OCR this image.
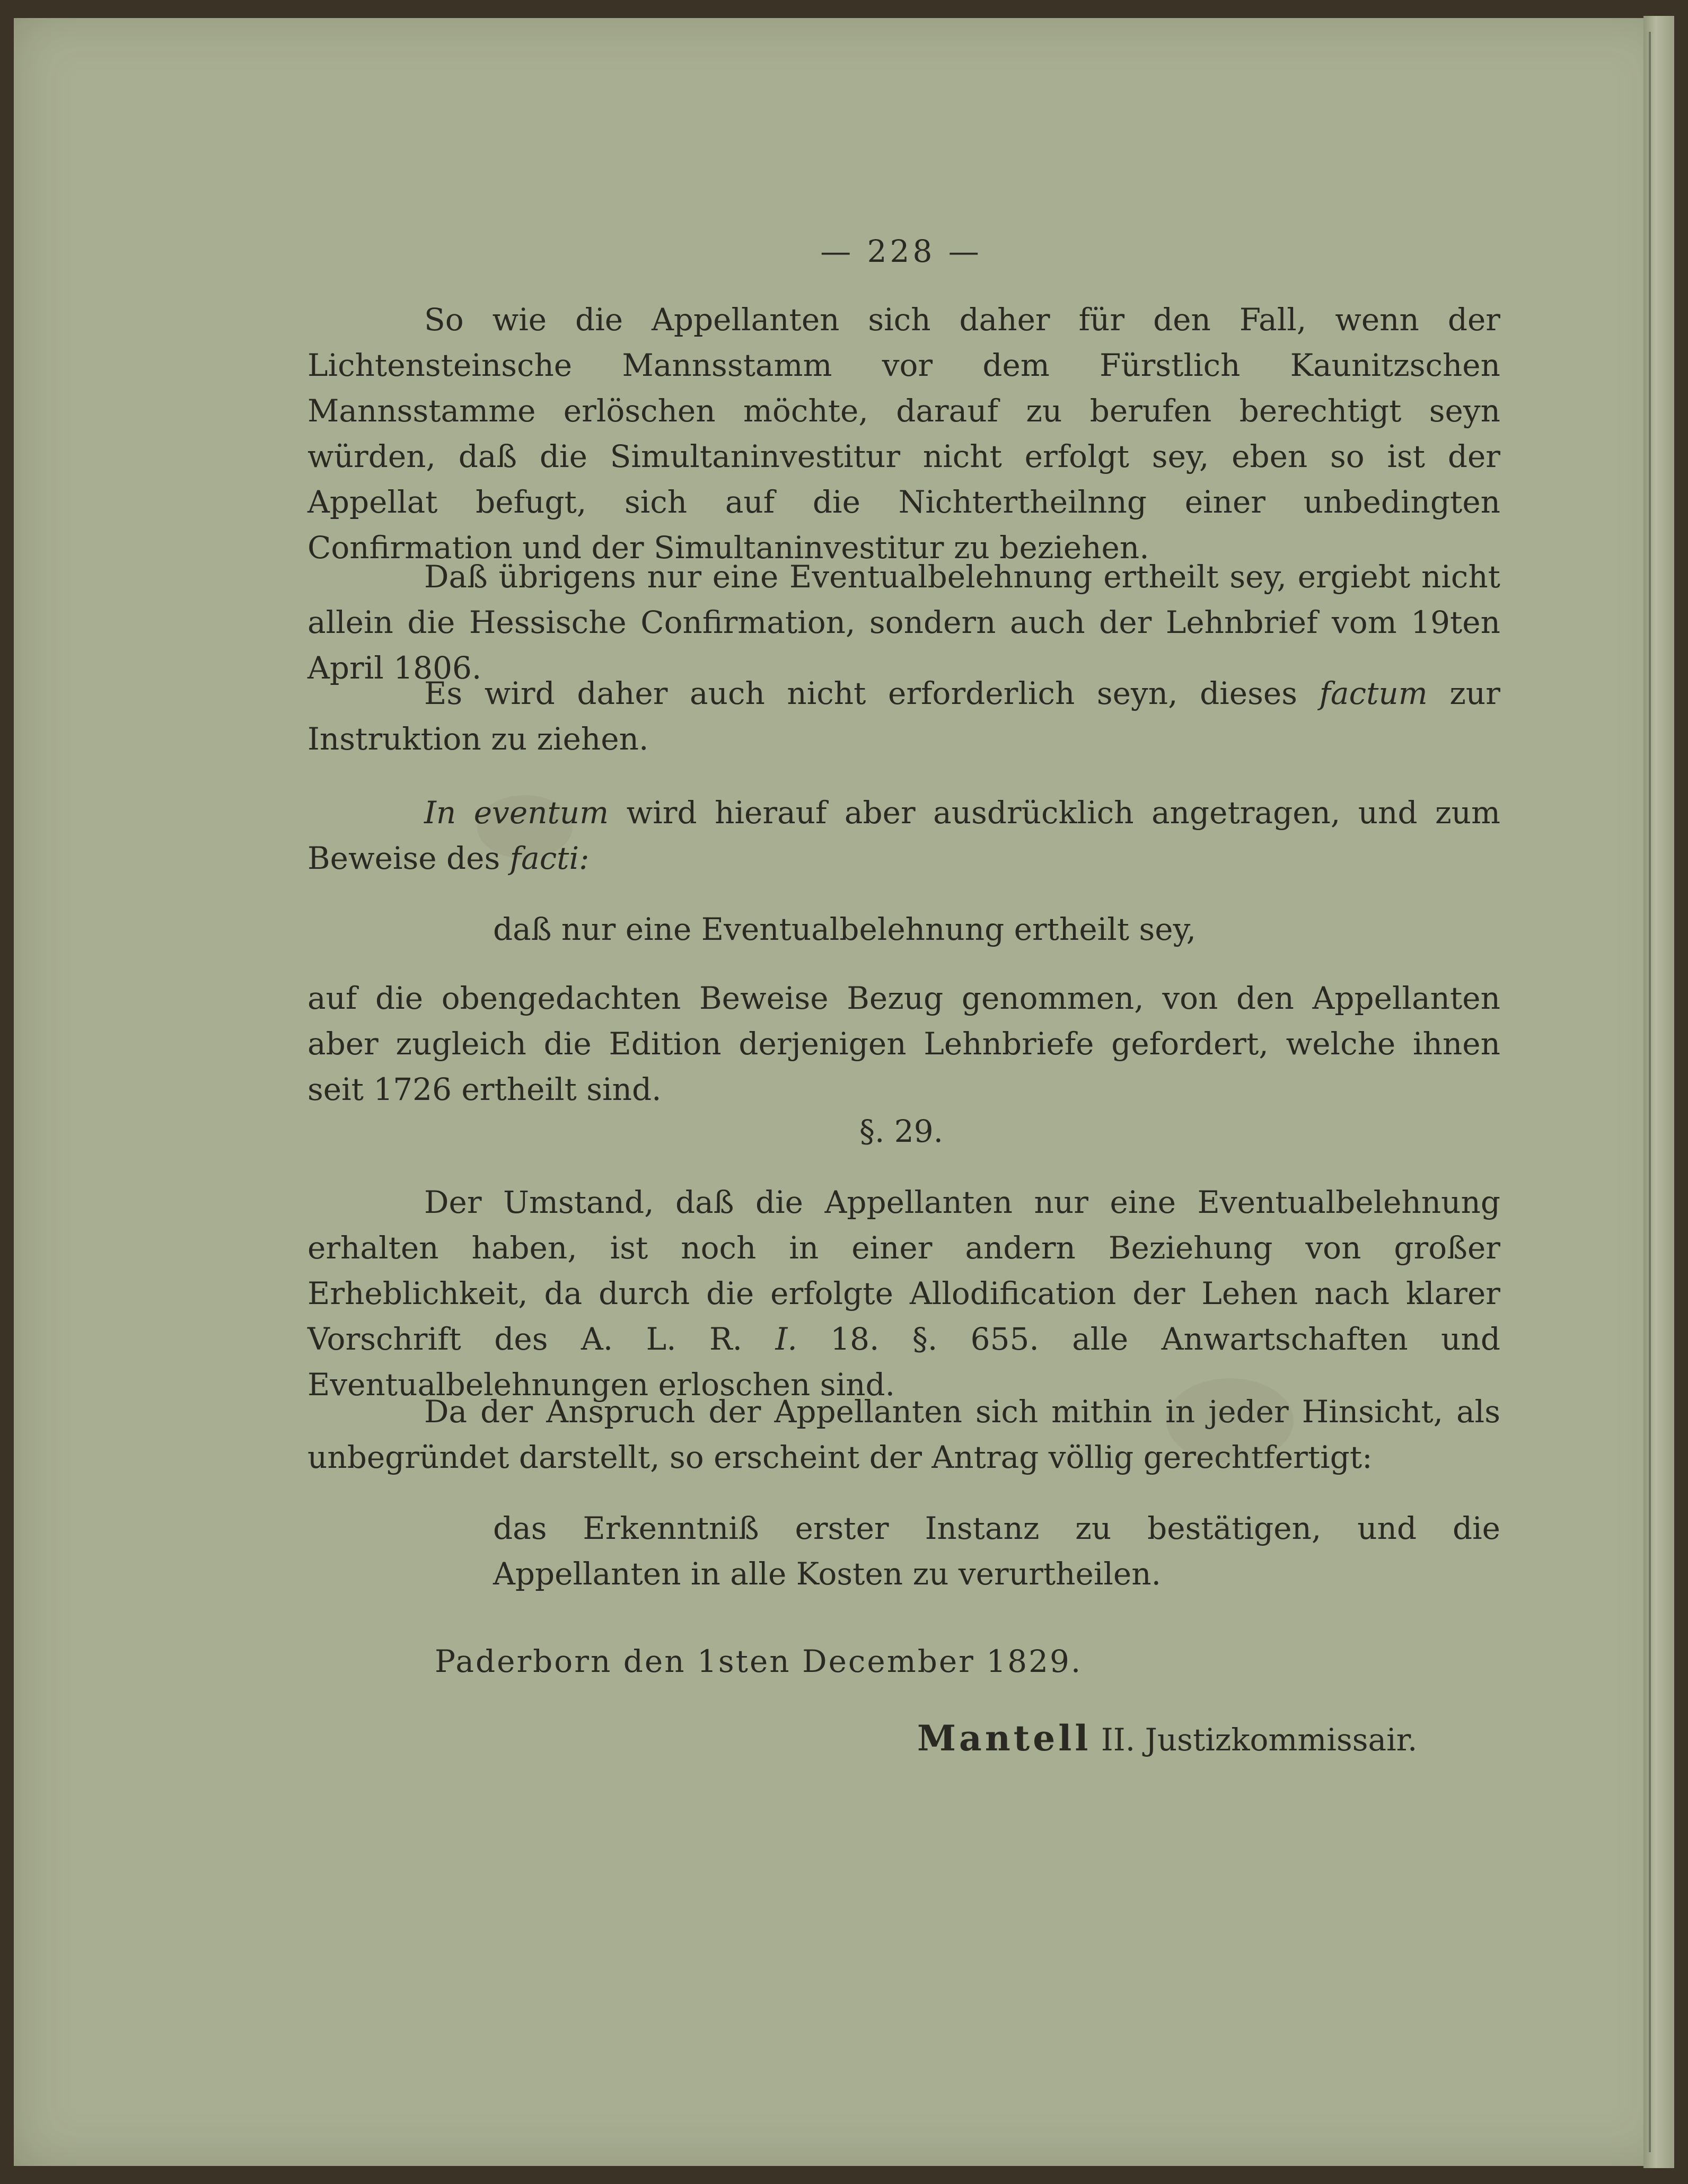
— 228 —

So wie die Appellanten sich daher für den Fall, wenn der Lichtensteinsche Mannsstamm vor dem Fürstlich Kaunitzschen Mannsstamme erlöschen möchte, darauf zu berufen berechtigt seyn würden, daß die Simultaninvestitur nicht erfolgt sey, eben so ist der Appellat befugt, sich auf die Nichtertheilnng einer unbedingten Confirmation und der Simultaninvestitur zu beziehen.

Daß übrigens nur eine Eventualbelehnung ertheilt sey, ergiebt nicht allein die Hessische Confirmation, sondern auch der Lehnbrief vom 19ten April 1806.

Es wird daher auch nicht erforderlich seyn, dieses factum zur Instruktion zu ziehen.

In eventum wird hierauf aber ausdrücklich angetragen, und zum Beweise des facti:

daß nur eine Eventualbelehnung ertheilt sey,

auf die obengedachten Beweise Bezug genommen, von den Appellanten aber zugleich die Edition derjenigen Lehnbriefe gefordert, welche ihnen seit 1726 ertheilt sind.

§. 29.

Der Umstand, daß die Appellanten nur eine Eventualbelehnung erhalten haben, ist noch in einer andern Beziehung von großer Erheblichkeit, da durch die erfolgte Allodification der Lehen nach klarer Vorschrift des A. L. R. I. 18. §. 655. alle Anwartschaften und Eventualbelehnungen erloschen sind.

Da der Anspruch der Appellanten sich mithin in jeder Hinsicht, als unbegründet darstellt, so erscheint der Antrag völlig gerechtfertigt:

das Erkenntniß erster Instanz zu bestätigen, und die Appellanten in alle Kosten zu verurtheilen.

Paderborn den 1sten December 1829.
Mantell II. Justizkommissair.
